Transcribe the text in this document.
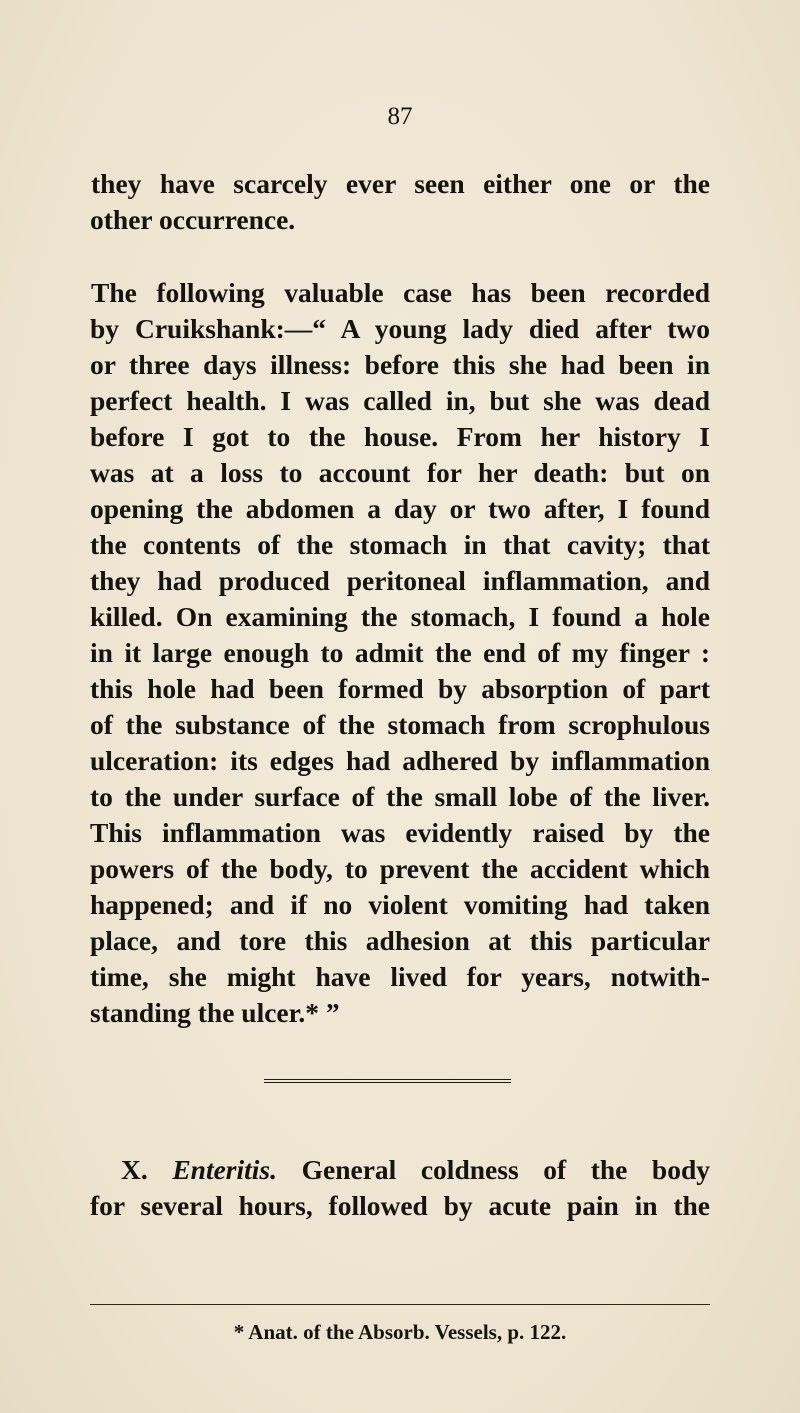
87
they have scarcely ever seen either one or the
other occurrence.
The following valuable case has been recorded
by Cruikshank:—“ A young lady died after two
or three days illness: before this she had been in
perfect health. I was called in, but she was dead
before I got to the house. From her history I
was at a loss to account for her death: but on
opening the abdomen a day or two after, I found
the contents of the stomach in that cavity; that
they had produced peritoneal inflammation, and
killed. On examining the stomach, I found a hole
in it large enough to admit the end of my finger :
this hole had been formed by absorption of part
of the substance of the stomach from scrophulous
ulceration: its edges had adhered by inflammation
to the under surface of the small lobe of the liver.
This inflammation was evidently raised by the
powers of the body, to prevent the accident which
happened; and if no violent vomiting had taken
place, and tore this adhesion at this particular
time, she might have lived for years, notwith-
standing the ulcer.* ”
X. Enteritis. General coldness of the body
for several hours, followed by acute pain in the
* Anat. of the Absorb. Vessels, p. 122.
